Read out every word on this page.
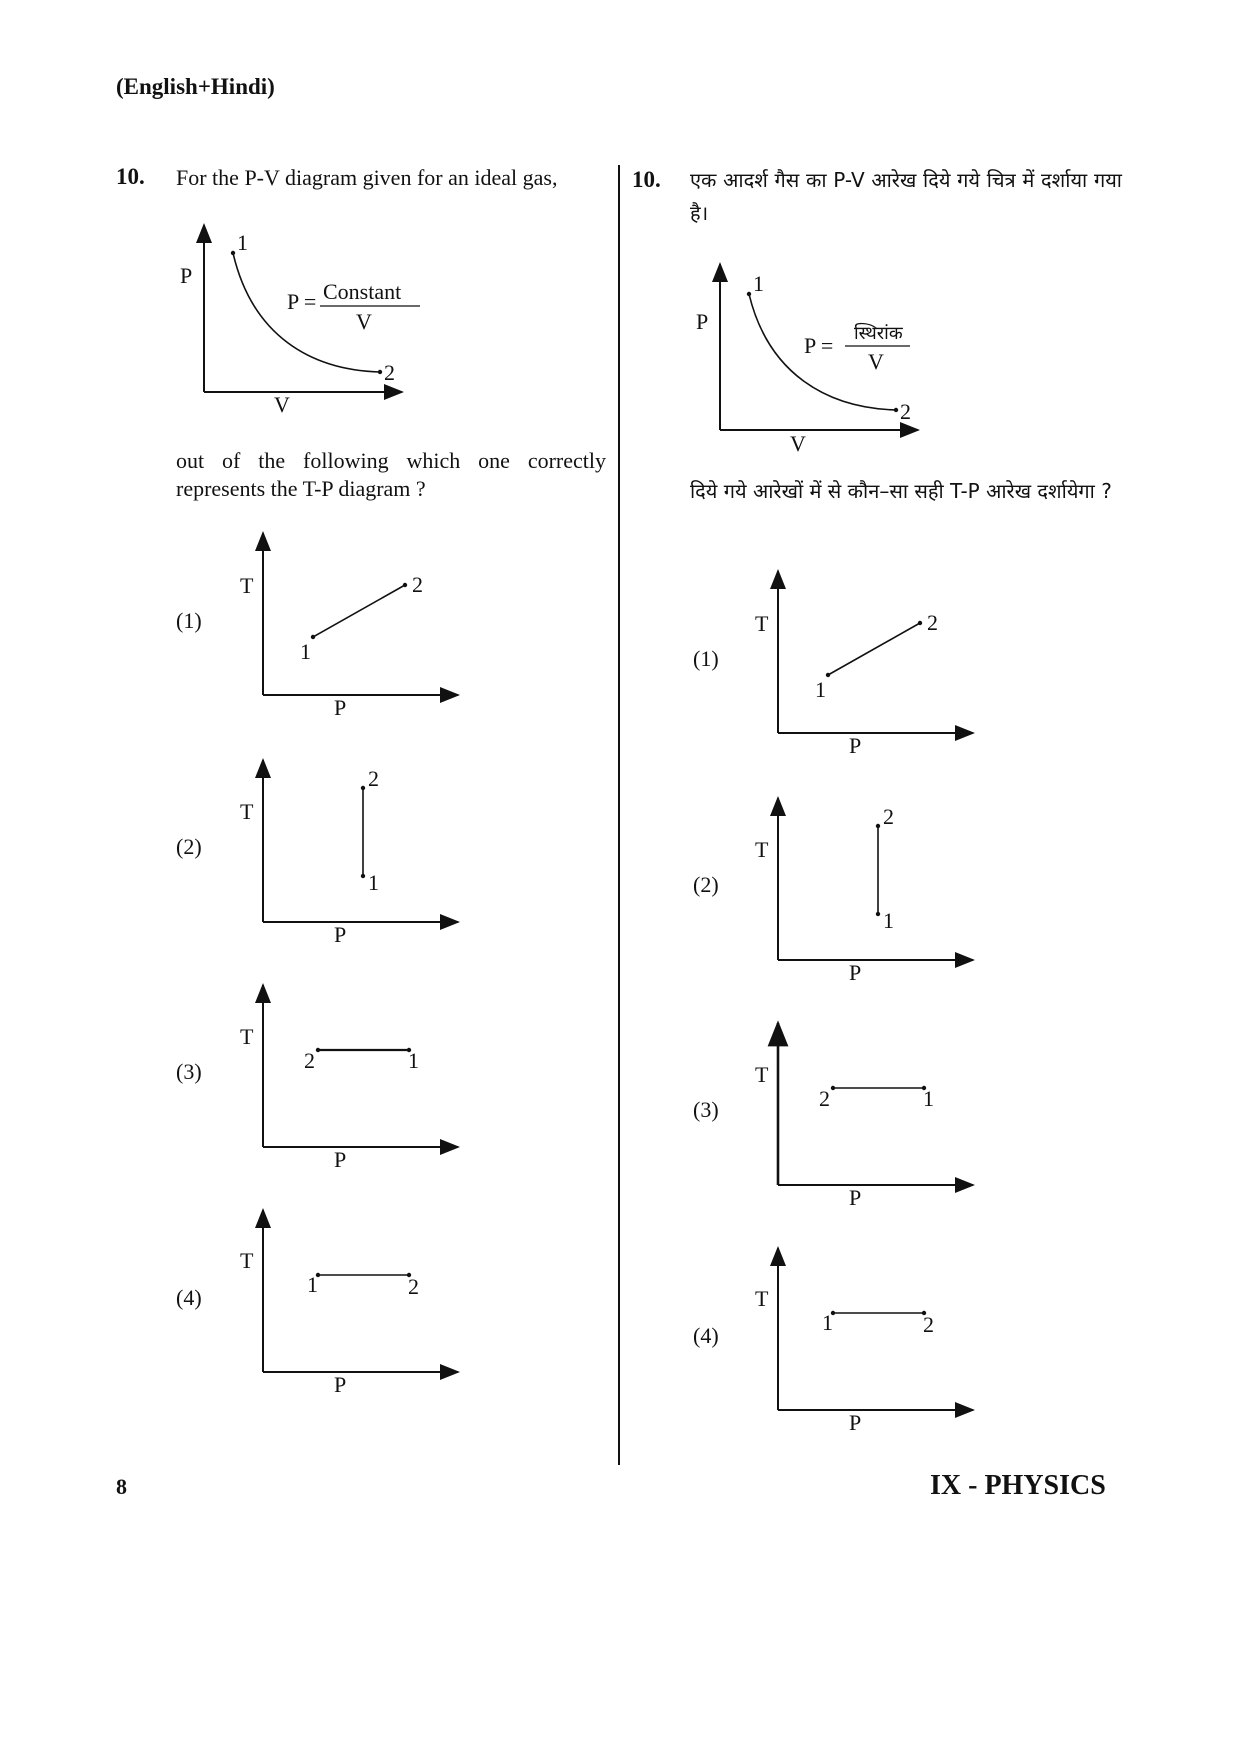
(English+Hindi)
10. For the P-V diagram given for an ideal gas,
P
V
1
2
P = Constant
V
out of the following which one correctly represents the T-P diagram ?
(1)
T
P
1
2
(2)
T
P
1
2
(3)
T
P
2	1
(4)
T
P
1	2
10. एक आदर्श गैस का P-V आरेख दिये गये चित्र में दर्शाया गया है।
P
V
1
2
P = स्थिरांक
V
दिये गये आरेखों में से कौन–सा सही T-P आरेख दर्शायेगा ?
(1)
T
P
1
2
(2)
T
P
1
2
(3)
T
P
2	1
(4)
T
P
1	2
8	IX - PHYSICS
